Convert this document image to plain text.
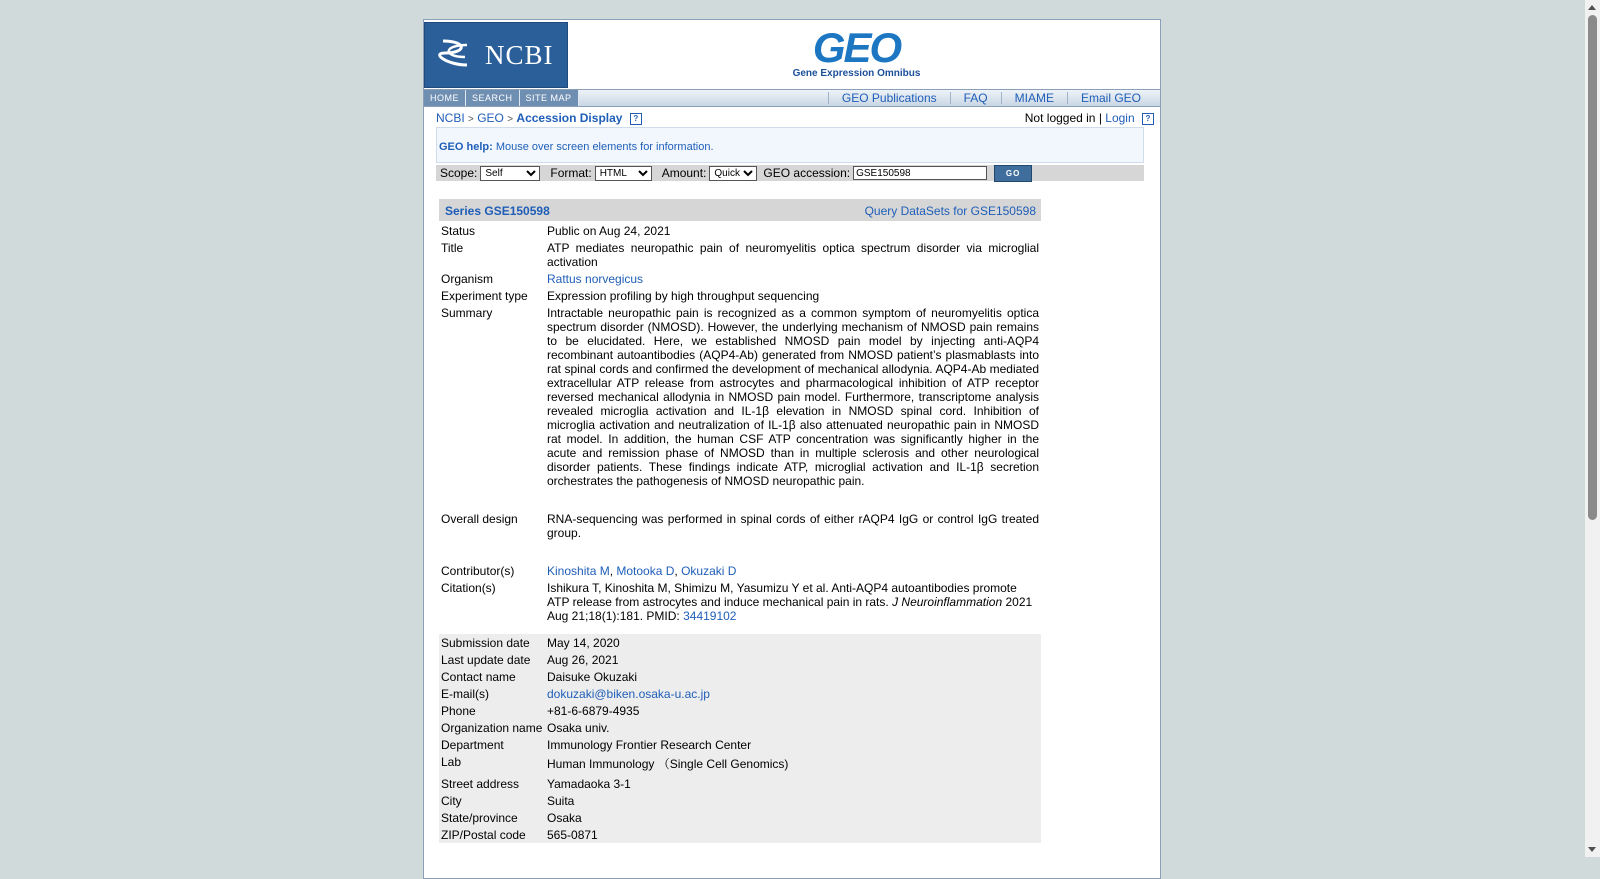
NCBI	GEO
Gene Expression Omnibus
HOME	SEARCH	SITE MAP	GEO Publications	FAQ	MIAME	Email GEO
NCBI > GEO > Accession Display ?	Not logged in | Login ?
GEO help: Mouse over screen elements for information.
Scope:
Self	Format:
HTML	Amount:
Quick	GEO accession:
GSE150598	GO
Series GSE150598	Query DataSets for GSE150598
Status	Public on Aug 24, 2021
Title	ATP mediates neuropathic pain of neuromyelitis optica spectrum disorder via microglial activation
Organism	Rattus norvegicus
Experiment type	Expression profiling by high throughput sequencing
Summary	Intractable neuropathic pain is recognized as a common symptom of neuromyelitis optica spectrum disorder (NMOSD). However, the underlying mechanism of NMOSD pain remains to be elucidated. Here, we established NMOSD pain model by injecting anti-AQP4 recombinant autoantibodies (AQP4-Ab) generated from NMOSD patient’s plasmablasts into rat spinal cords and confirmed the development of mechanical allodynia. AQP4-Ab mediated extracellular ATP release from astrocytes and pharmacological inhibition of ATP receptor reversed mechanical allodynia in NMOSD pain model. Furthermore, transcriptome analysis revealed microglia activation and IL-1β elevation in NMOSD spinal cord. Inhibition of microglia activation and neutralization of IL-1β also attenuated neuropathic pain in NMOSD rat model. In addition, the human CSF ATP concentration was significantly higher in the acute and remission phase of NMOSD than in multiple sclerosis and other neurological disorder patients. These findings indicate ATP, microglial activation and IL-1β secretion orchestrates the pathogenesis of NMOSD neuropathic pain.
Overall design	RNA-sequencing was performed in spinal cords of either rAQP4 IgG or control IgG treated group.
Contributor(s)	Kinoshita M, Motooka D, Okuzaki D
Citation(s)	Ishikura T, Kinoshita M, Shimizu M, Yasumizu Y et al. Anti-AQP4 autoantibodies promote ATP release from astrocytes and induce mechanical pain in rats. J Neuroinflammation 2021 Aug 21;18(1):181. PMID: 34419102
Submission date	May 14, 2020
Last update date	Aug 26, 2021
Contact name	Daisuke Okuzaki
E-mail(s)	dokuzaki@biken.osaka-u.ac.jp
Phone	+81-6-6879-4935
Organization name	Osaka univ.
Department	Immunology Frontier Research Center
Lab	Human Immunology （Single Cell Genomics)
Street address	Yamadaoka 3-1
City	Suita
State/province	Osaka
ZIP/Postal code	565-0871
